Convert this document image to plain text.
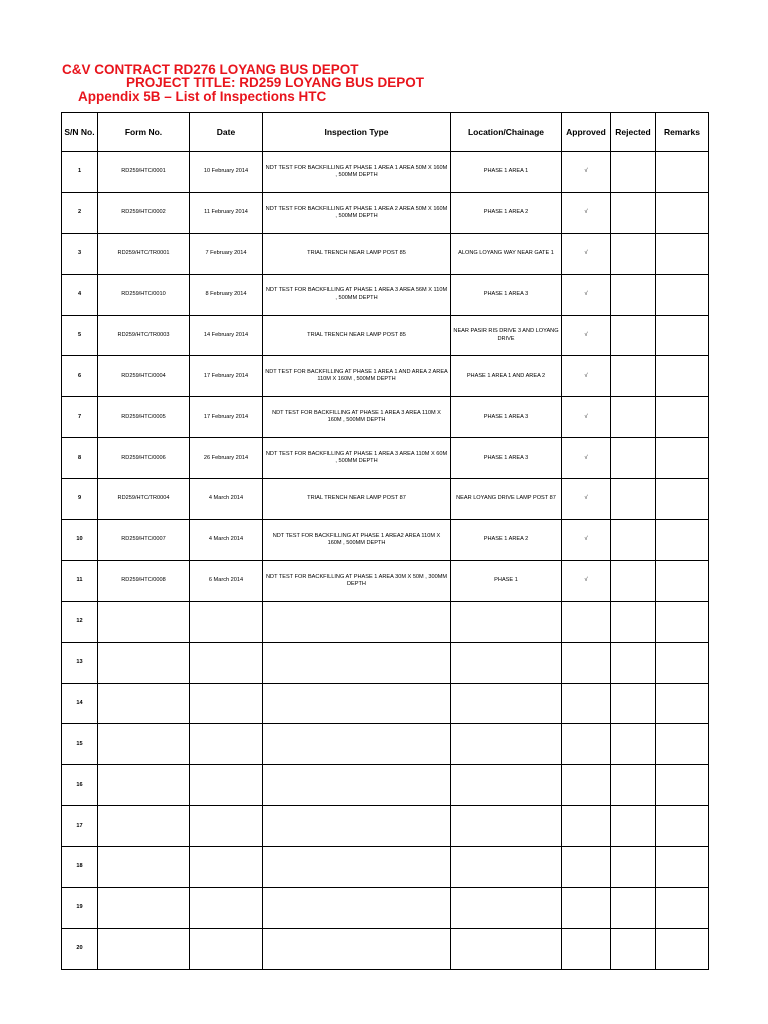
C&V CONTRACT RD276 LOYANG BUS DEPOT
PROJECT TITLE: RD259 LOYANG BUS DEPOT
Appendix 5B – List of Inspections HTC
S/N No.	Form No.	Date	Inspection Type	Location/Chainage	Approved	Rejected	Remarks
1	RD259/HTC/0001	10 February 2014	NDT TEST FOR BACKFILLING AT PHASE 1 AREA 1 AREA 50M X 160M , 500MM DEPTH	PHASE 1 AREA 1	√		
2	RD259/HTC/0002	11 February 2014	NDT TEST FOR BACKFILLING AT PHASE 1 AREA 2 AREA 50M X 160M , 500MM DEPTH	PHASE 1 AREA 2	√		
3	RD259/HTC/TR0001	7 February 2014	TRIAL TRENCH NEAR LAMP POST 85	ALONG LOYANG WAY NEAR GATE 1	√		
4	RD259/HTC/0010	8 February 2014	NDT TEST FOR BACKFILLING AT PHASE 1 AREA 3 AREA 56M X 110M , 500MM DEPTH	PHASE 1 AREA 3	√		
5	RD259/HTC/TR0003	14 February 2014	TRIAL TRENCH NEAR LAMP POST 85	NEAR PASIR RIS DRIVE 3 AND LOYANG DRIVE	√		
6	RD259/HTC/0004	17 February 2014	NDT TEST FOR BACKFILLING AT PHASE 1 AREA 1 AND AREA 2 AREA 110M X 160M , 500MM DEPTH	PHASE 1 AREA 1 AND AREA 2	√		
7	RD259/HTC/0005	17 February 2014	NDT TEST FOR BACKFILLING AT PHASE 1 AREA 3 AREA 110M X 160M , 500MM DEPTH	PHASE 1 AREA 3	√		
8	RD259/HTC/0006	26 February 2014	NDT TEST FOR BACKFILLING AT PHASE 1 AREA 3 AREA 110M X 60M , 500MM DEPTH	PHASE 1 AREA 3	√		
9	RD259/HTC/TR0004	4 March 2014	TRIAL TRENCH NEAR LAMP POST 87	NEAR LOYANG DRIVE LAMP POST 87	√		
10	RD259/HTC/0007	4 March 2014	NDT TEST FOR BACKFILLING AT PHASE 1 AREA2 AREA 110M X 160M , 500MM DEPTH	PHASE 1 AREA 2	√		
11	RD259/HTC/0008	6 March 2014	NDT TEST FOR BACKFILLING AT PHASE 1 AREA 30M X 50M , 300MM DEPTH	PHASE 1	√		
12							
13							
14							
15							
16							
17							
18							
19							
20							
